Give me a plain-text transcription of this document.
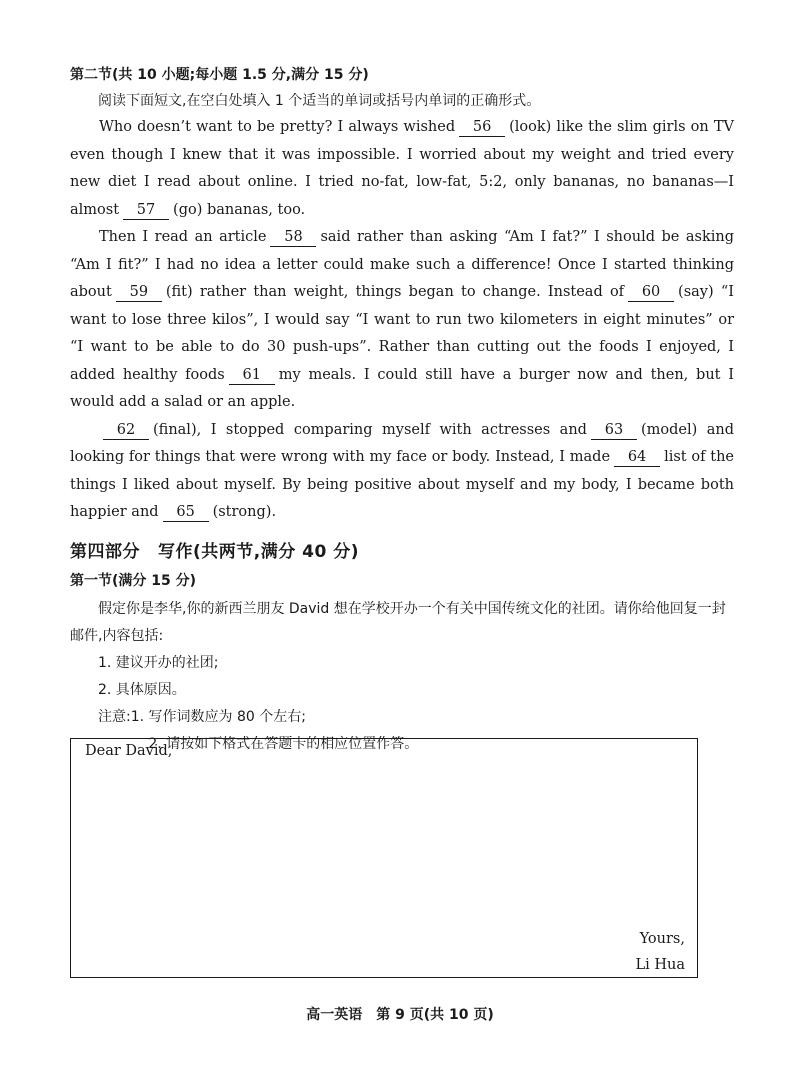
第二节(共 10 小题;每小题 1.5 分,满分 15 分)

阅读下面短文,在空白处填入 1 个适当的单词或括号内单词的正确形式。

Who doesn’t want to be pretty? I always wished 56 (look) like the slim girls on TV even though I knew that it was impossible. I worried about my weight and tried every new diet I read about online. I tried no-fat, low-fat, 5:2, only bananas, no bananas—I almost 57 (go) bananas, too.

Then I read an article 58 said rather than asking “Am I fat?” I should be asking “Am I fit?” I had no idea a letter could make such a difference! Once I started thinking about 59 (fit) rather than weight, things began to change. Instead of 60 (say) “I want to lose three kilos”, I would say “I want to run two kilometers in eight minutes” or “I want to be able to do 30 push-ups”. Rather than cutting out the foods I enjoyed, I added healthy foods 61 my meals. I could still have a burger now and then, but I would add a salad or an apple.

62 (final), I stopped comparing myself with actresses and 63 (model) and looking for things that were wrong with my face or body. Instead, I made 64 list of the things I liked about myself. By being positive about myself and my body, I became both happier and 65 (strong).

第四部分 写作(共两节,满分 40 分)

第一节(满分 15 分)

假定你是李华,你的新西兰朋友 David 想在学校开办一个有关中国传统文化的社团。请你给他回复一封邮件,内容包括:

1. 建议开办的社团;

2. 具体原因。

注意:1. 写作词数应为 80 个左右;

2. 请按如下格式在答题卡的相应位置作答。

Dear David,
Yours,
Li Hua
高一英语　第 9 页(共 10 页)
